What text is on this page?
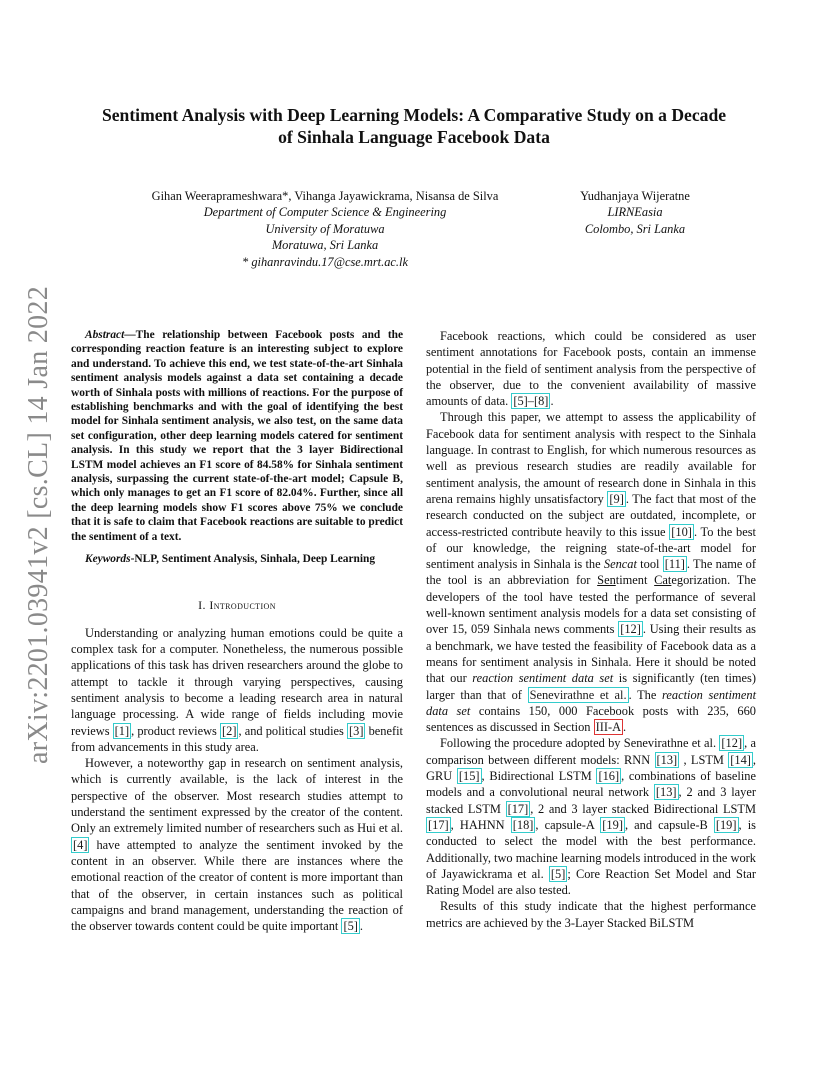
arXiv:2201.03941v2 [cs.CL] 14 Jan 2022
Sentiment Analysis with Deep Learning Models: A Comparative Study on a Decade
of Sinhala Language Facebook Data
Gihan Weeraprameshwara*, Vihanga Jayawickrama, Nisansa de Silva
Department of Computer Science & Engineering
University of Moratuwa
Moratuwa, Sri Lanka
* gihanravindu.17@cse.mrt.ac.lk
Yudhanjaya Wijeratne
LIRNEasia
Colombo, Sri Lanka

Abstract—The relationship between Facebook posts and the corresponding reaction feature is an interesting subject to explore and understand. To achieve this end, we test state-of-the-art Sinhala sentiment analysis models against a data set containing a decade worth of Sinhala posts with millions of reactions. For the purpose of establishing benchmarks and with the goal of identifying the best model for Sinhala sentiment analysis, we also test, on the same data set configuration, other deep learning models catered for sentiment analysis. In this study we report that the 3 layer Bidirectional LSTM model achieves an F1 score of 84.58% for Sinhala sentiment analysis, surpassing the current state-of-the-art model; Capsule B, which only manages to get an F1 score of 82.04%. Further, since all the deep learning models show F1 scores above 75% we conclude that it is safe to claim that Facebook reactions are suitable to predict the sentiment of a text.

Keywords-NLP, Sentiment Analysis, Sinhala, Deep Learning

I. Introduction

Understanding or analyzing human emotions could be quite a complex task for a computer. Nonetheless, the numerous possible applications of this task has driven researchers around the globe to attempt to tackle it through varying perspectives, causing sentiment analysis to become a leading research area in natural language processing. A wide range of fields including movie reviews [1] , product reviews [2] , and political studies [3] benefit from advancements in this study area.

However, a noteworthy gap in research on sentiment analysis, which is currently available, is the lack of interest in the perspective of the observer. Most research studies attempt to understand the sentiment expressed by the creator of the content. Only an extremely limited number of researchers such as Hui et al. [4] have attempted to analyze the sentiment invoked by the content in an observer. While there are instances where the emotional reaction of the creator of content is more important than that of the observer, in certain instances such as political campaigns and brand management, understanding the reaction of the observer towards content could be quite important [5] .

Facebook reactions, which could be considered as user sentiment annotations for Facebook posts, contain an immense potential in the field of sentiment analysis from the perspective of the observer, due to the convenient availability of massive amounts of data. [5]–[8] .

Through this paper, we attempt to assess the applicability of Facebook data for sentiment analysis with respect to the Sinhala language. In contrast to English, for which numerous resources as well as previous research studies are readily available for sentiment analysis, the amount of research done in Sinhala in this arena remains highly unsatisfactory [9] . The fact that most of the research conducted on the subject are outdated, incomplete, or access-restricted contribute heavily to this issue [10] . To the best of our knowledge, the reigning state-of-the-art model for sentiment analysis in Sinhala is the Sencat tool [11] . The name of the tool is an abbreviation for Sentiment Categorization. The developers of the tool have tested the performance of several well-known sentiment analysis models for a data set consisting of over 15, 059 Sinhala news comments [12] . Using their results as a benchmark, we have tested the feasibility of Facebook data as a means for sentiment analysis in Sinhala. Here it should be noted that our reaction sentiment data set is significantly (ten times) larger than that of Senevirathne et al. . The reaction sentiment data set contains 150, 000 Facebook posts with 235, 660 sentences as discussed in Section III-A .

Following the procedure adopted by Senevirathne et al. [12] , a comparison between different models: RNN [13] , LSTM [14] , GRU [15] , Bidirectional LSTM [16] , combinations of baseline models and a convolutional neural network [13] , 2 and 3 layer stacked LSTM [17] , 2 and 3 layer stacked Bidirectional LSTM [17] , HAHNN [18] , capsule-A [19] , and capsule-B [19] , is conducted to select the model with the best performance. Additionally, two machine learning models introduced in the work of Jayawickrama et al. [5] ; Core Reaction Set Model and Star Rating Model are also tested.

Results of this study indicate that the highest performance metrics are achieved by the 3-Layer Stacked BiLSTM
